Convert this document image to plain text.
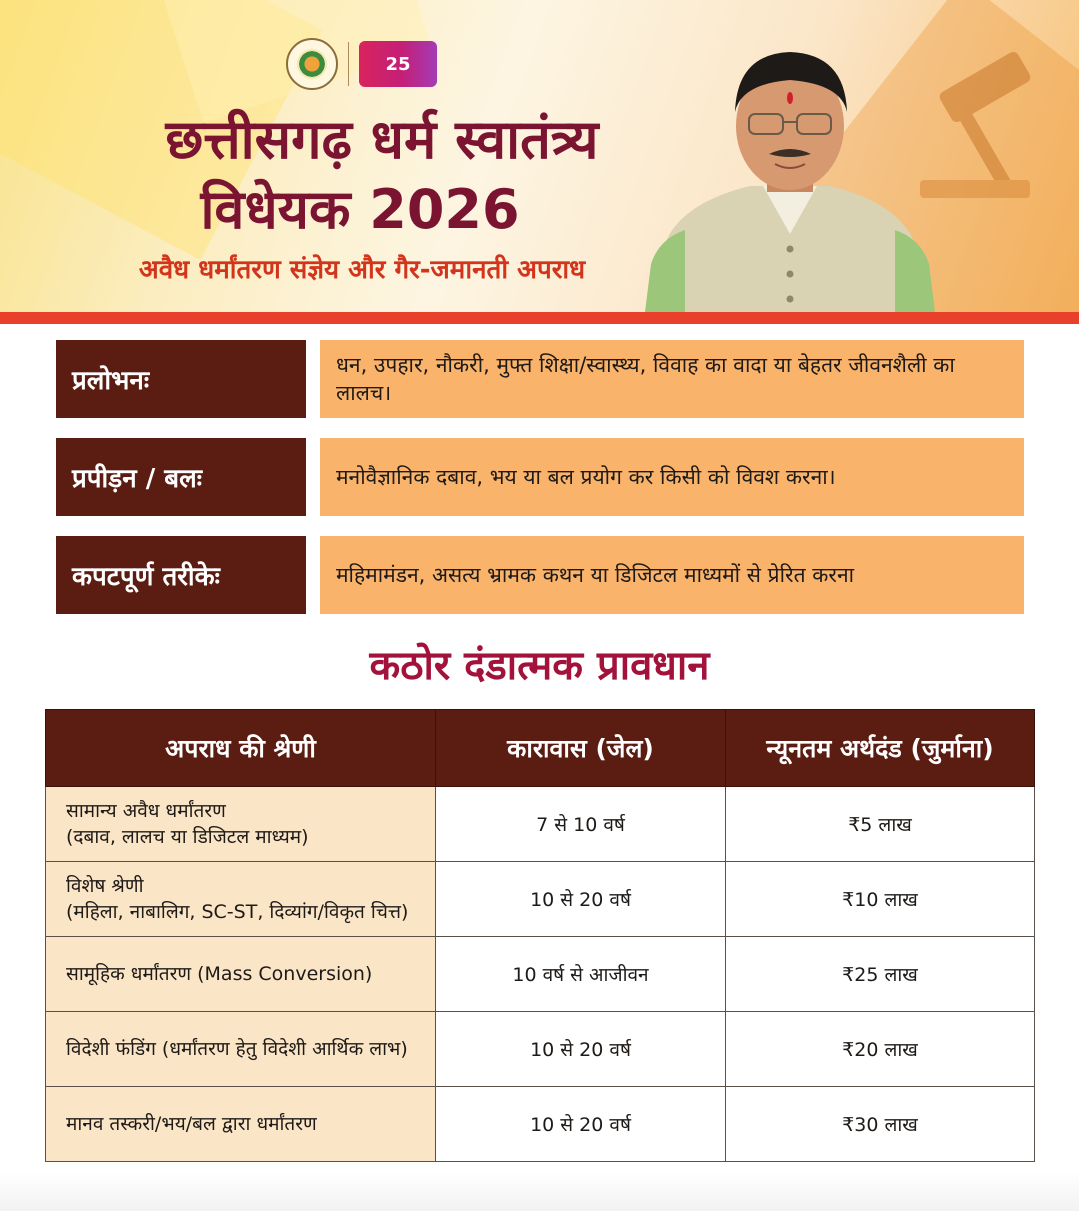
25
छत्तीसगढ़ धर्म स्वातंत्र्य
विधेयक 2026
अवैध धर्मांतरण संज्ञेय और गैर-जमानती अपराध
प्रलोभनः
धन, उपहार, नौकरी, मुफ्त शिक्षा/स्वास्थ्य, विवाह का वादा या बेहतर जीवनशैली का लालच।
प्रपीड़न / बलः	मनोवैज्ञानिक दबाव, भय या बल प्रयोग कर किसी को विवश करना।
कपटपूर्ण तरीकेः	महिमामंडन, असत्य भ्रामक कथन या डिजिटल माध्यमों से प्रेरित करना
कठोर दंडात्मक प्रावधान
अपराध की श्रेणी	कारावास (जेल)	न्यूनतम अर्थदंड (जुर्माना)

सामान्य अवैध धर्मांतरण
(दबाव, लालच या डिजिटल माध्यम)	7 से 10 वर्ष	₹5 लाख

विशेष श्रेणी
(महिला, नाबालिग, SC-ST, दिव्यांग/विकृत चित्त)	10 से 20 वर्ष	₹10 लाख

सामूहिक धर्मांतरण (Mass Conversion)	10 वर्ष से आजीवन	₹25 लाख

विदेशी फंडिंग (धर्मांतरण हेतु विदेशी आर्थिक लाभ)	10 से 20 वर्ष	₹20 लाख

मानव तस्करी/भय/बल द्वारा धर्मांतरण	10 से 20 वर्ष	₹30 लाख
